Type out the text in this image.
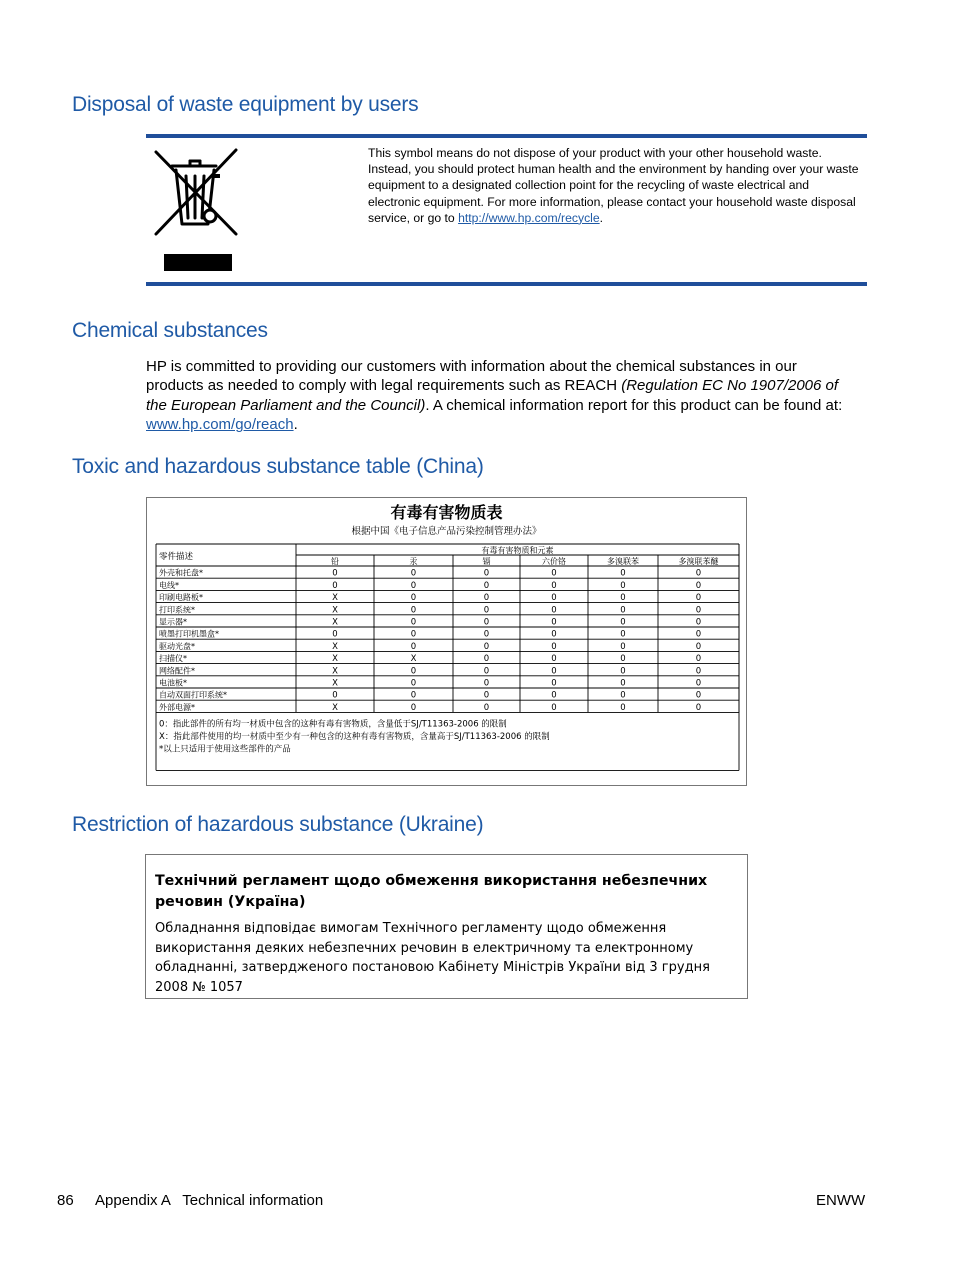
Disposal of waste equipment by users

This symbol means do not dispose of your product with your other household waste. Instead, you should protect human health and the environment by handing over your waste equipment to a designated collection point for the recycling of waste electrical and electronic equipment. For more information, please contact your household waste disposal service, or go to http://www.hp.com/recycle.

Chemical substances

HP is committed to providing our customers with information about the chemical substances in our products as needed to comply with legal requirements such as REACH (Regulation EC No 1907/2006 of the European Parliament and the Council). A chemical information report for this product can be found at: www.hp.com/go/reach.

Toxic and hazardous substance table (China)
有毒有害物质表
根据中国《电子信息产品污染控制管理办法》
零件描述
有毒有害物质和元素
铅	汞	镉	六价铬	多溴联苯	多溴联苯醚
外壳和托盘*	0	0	0	0	0	0
电线*	0	0	0	0	0	0
印刷电路板*	X	0	0	0	0	0
打印系统*	X	0	0	0	0	0
显示器*	X	0	0	0	0	0
喷墨打印机墨盒*	0	0	0	0	0	0
驱动光盘*	X	0	0	0	0	0
扫描仪*	X	X	0	0	0	0
网络配件*	X	0	0	0	0	0
电池板*	X	0	0	0	0	0
自动双面打印系统*	0	0	0	0	0	0
外部电源*	X	0	0	0	0	0
0：指此部件的所有均一材质中包含的这种有毒有害物质，含量低于SJ/T11363-2006 的限制
X：指此部件使用的均一材质中至少有一种包含的这种有毒有害物质，含量高于SJ/T11363-2006 的限制
*以上只适用于使用这些部件的产品
Restriction of hazardous substance (Ukraine)
Технічний регламент щодо обмеження використання небезпечних речовин (Україна)
Обладнання відповідає вимогам Технічного регламенту щодо обмеження використання деяких небезпечних речовин в електричному та електронному обладнанні, затвердженого постановою Кабінету Міністрів України від 3 грудня 2008 № 1057
86 Appendix A   Technical information	ENWW
